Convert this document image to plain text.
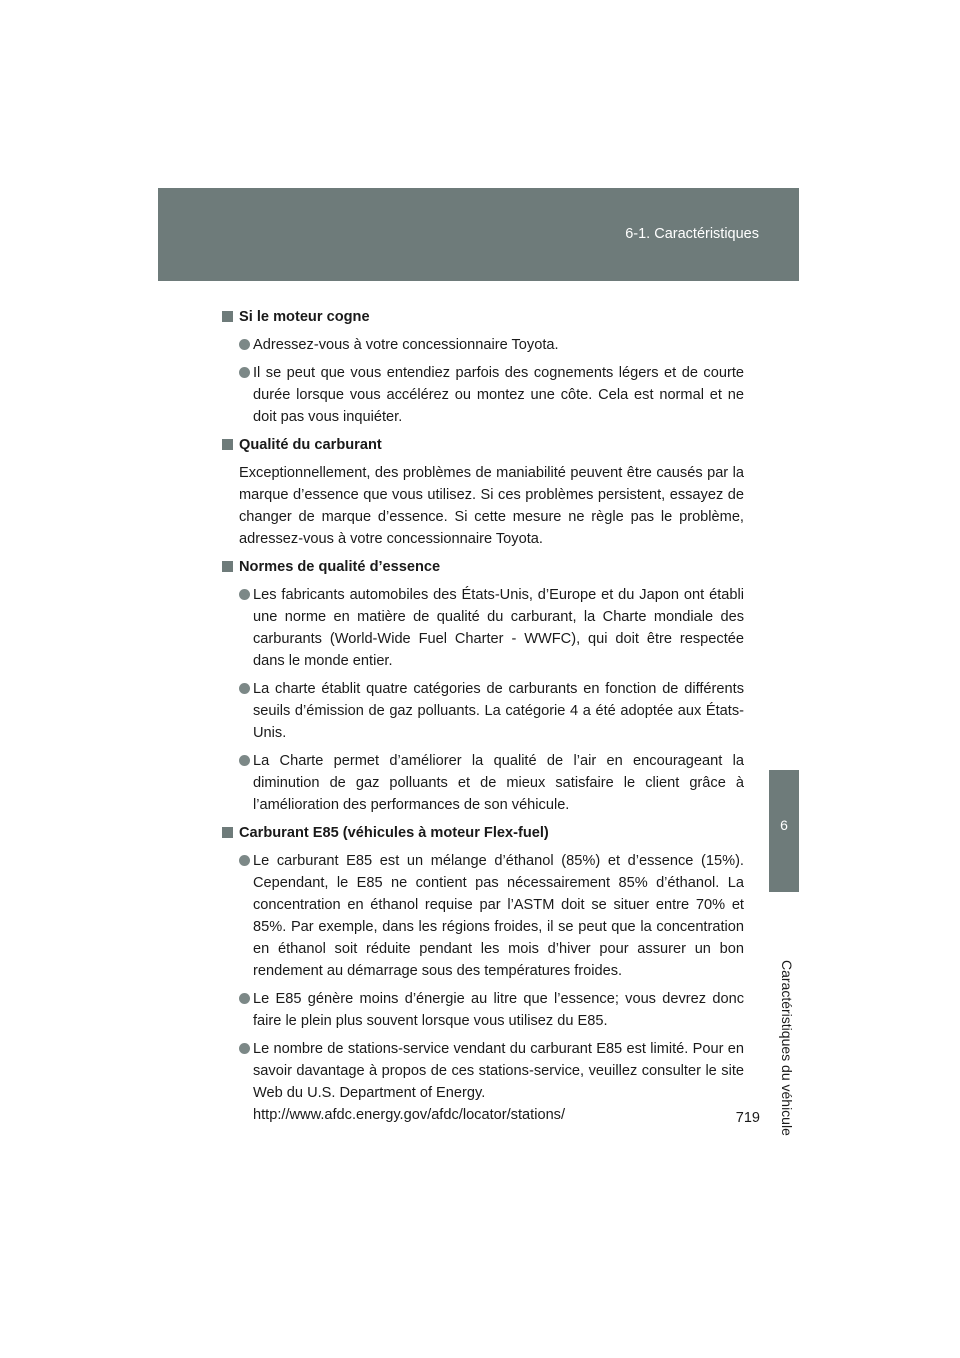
6-1. Caractéristiques
6
Caractéristiques du véhicule
Si le moteur cogne
Adressez-vous à votre concessionnaire Toyota.
Il se peut que vous entendiez parfois des cognements légers et de courte durée lorsque vous accélérez ou montez une côte. Cela est normal et ne doit pas vous inquiéter.
Qualité du carburant
Exceptionnellement, des problèmes de maniabilité peuvent être causés par la marque d’essence que vous utilisez. Si ces problèmes persistent, essayez de changer de marque d’essence. Si cette mesure ne règle pas le problème, adressez-vous à votre concessionnaire Toyota.
Normes de qualité d’essence
Les fabricants automobiles des États-Unis, d’Europe et du Japon ont établi une norme en matière de qualité du carburant, la Charte mondiale des carburants (World-Wide Fuel Charter - WWFC), qui doit être respectée dans le monde entier.
La charte établit quatre catégories de carburants en fonction de différents seuils d’émission de gaz polluants. La catégorie 4 a été adoptée aux États-Unis.
La Charte permet d’améliorer la qualité de l’air en encourageant la diminution de gaz polluants et de mieux satisfaire le client grâce à l’amélioration des performances de son véhicule.
Carburant E85 (véhicules à moteur Flex-fuel)
Le carburant E85 est un mélange d’éthanol (85%) et d’essence (15%). Cependant, le E85 ne contient pas nécessairement 85% d’éthanol. La concentration en éthanol requise par l’ASTM doit se situer entre 70% et 85%. Par exemple, dans les régions froides, il se peut que la concentration en éthanol soit réduite pendant les mois d’hiver pour assurer un bon rendement au démarrage sous des températures froides.
Le E85 génère moins d’énergie au litre que l’essence; vous devrez donc faire le plein plus souvent lorsque vous utilisez du E85.
Le nombre de stations-service vendant du carburant E85 est limité. Pour en savoir davantage à propos de ces stations-service, veuillez consulter le site Web du U.S. Department of Energy.
http://www.afdc.energy.gov/afdc/locator/stations/	719
